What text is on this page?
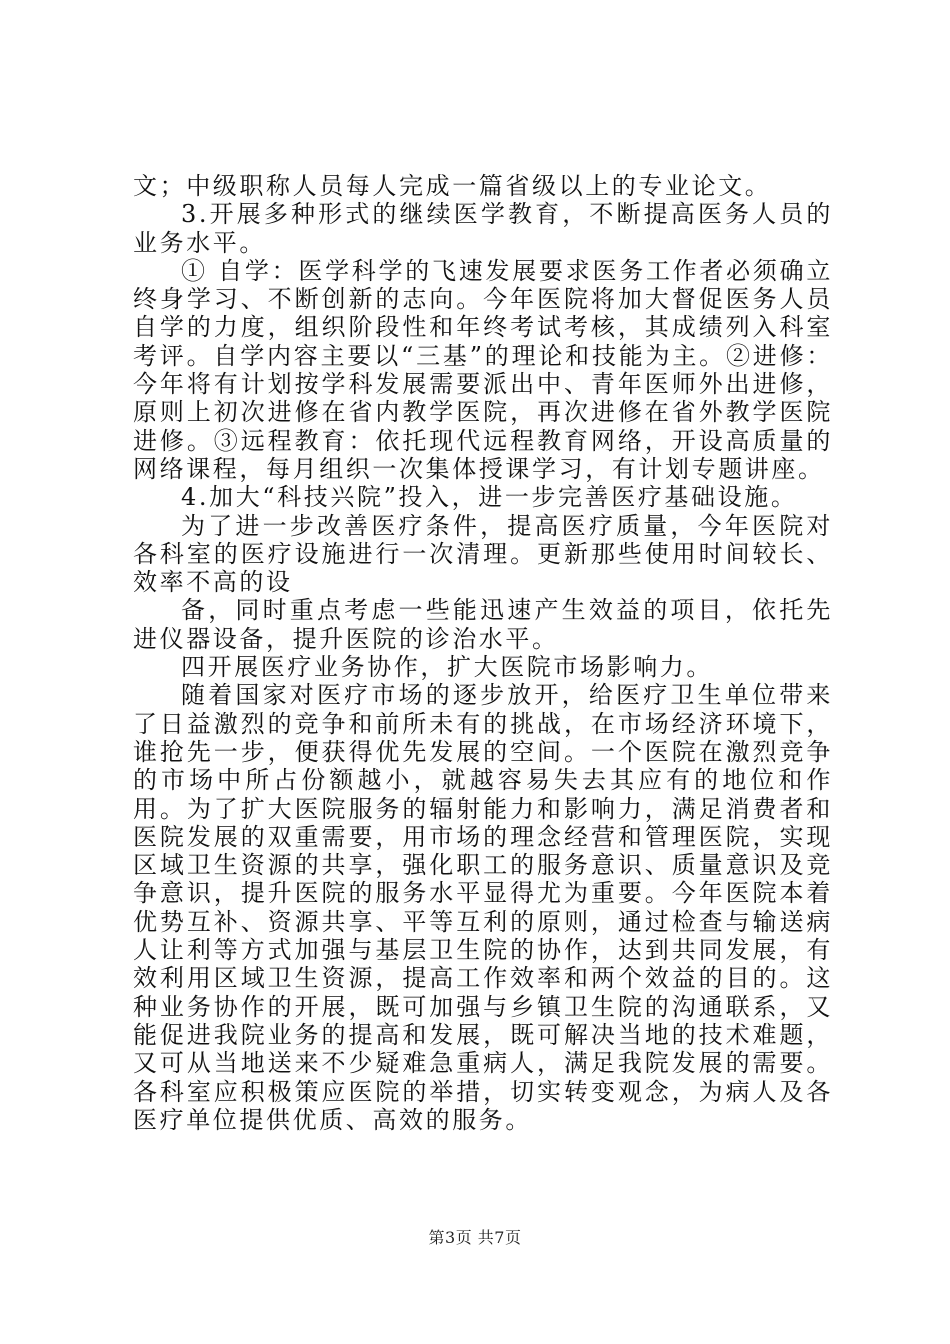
文；中级职称人员每人完成一篇省级以上的专业论文。

3.开展多种形式的继续医学教育，不断提高医务人员的业务水平。

① 自学：医学科学的飞速发展要求医务工作者必须确立终身学习、不断创新的志向。今年医院将加大督促医务人员自学的力度，组织阶段性和年终考试考核，其成绩列入科室考评。自学内容主要以“三基”的理论和技能为主。②进修：今年将有计划按学科发展需要派出中、青年医师外出进修，原则上初次进修在省内教学医院，再次进修在省外教学医院进修。③远程教育：依托现代远程教育网络，开设高质量的网络课程，每月组织一次集体授课学习，有计划专题讲座。

4.加大“科技兴院”投入，进一步完善医疗基础设施。

为了进一步改善医疗条件，提高医疗质量，今年医院对各科室的医疗设施进行一次清理。更新那些使用时间较长、效率不高的设

备，同时重点考虑一些能迅速产生效益的项目，依托先进仪器设备，提升医院的诊治水平。

四开展医疗业务协作，扩大医院市场影响力。

随着国家对医疗市场的逐步放开，给医疗卫生单位带来了日益激烈的竞争和前所未有的挑战，在市场经济环境下，谁抢先一步，便获得优先发展的空间。一个医院在激烈竞争的市场中所占份额越小，就越容易失去其应有的地位和作用。为了扩大医院服务的辐射能力和影响力，满足消费者和医院发展的双重需要，用市场的理念经营和管理医院，实现区域卫生资源的共享，强化职工的服务意识、质量意识及竞争意识，提升医院的服务水平显得尤为重要。今年医院本着优势互补、资源共享、平等互利的原则，通过检查与输送病人让利等方式加强与基层卫生院的协作，达到共同发展，有效利用区域卫生资源，提高工作效率和两个效益的目的。这种业务协作的开展，既可加强与乡镇卫生院的沟通联系，又能促进我院业务的提高和发展，既可解决当地的技术难题，又可从当地送来不少疑难急重病人，满足我院发展的需要。各科室应积极策应医院的举措，切实转变观念，为病人及各医疗单位提供优质、高效的服务。

第3页 共7页
